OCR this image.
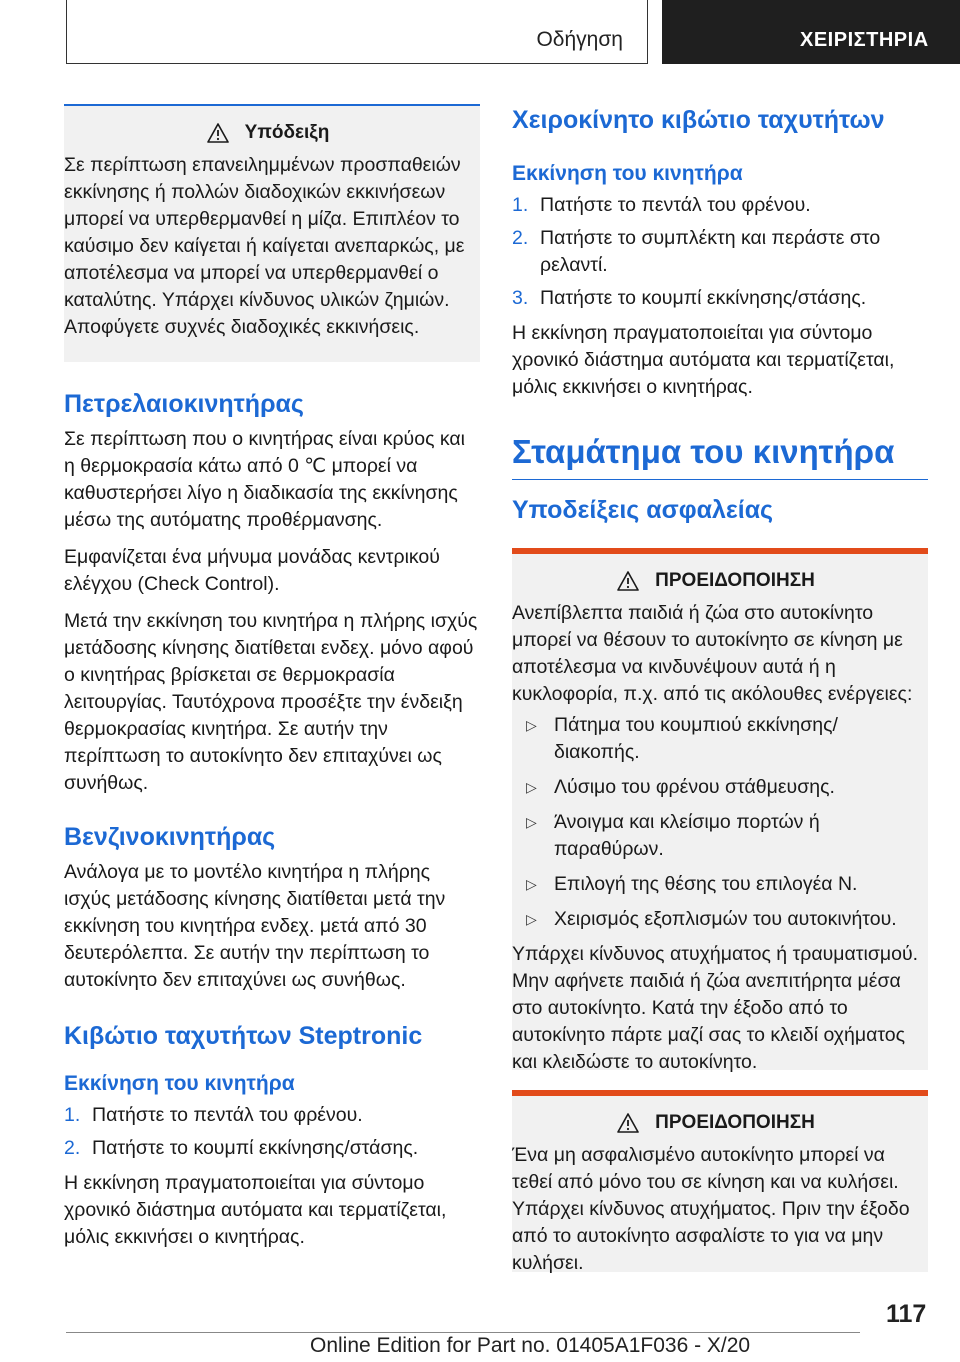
Οδήγηση	ΧΕΙΡΙΣΤΗΡΙΑ
Υπόδειξη

Σε περίπτωση επανειλημμένων προσπαθειών εκκίνησης ή πολλών διαδοχικών εκκινήσεων μπορεί να υπερθερμανθεί η μίζα. Επιπλέον το καύσιμο δεν καίγεται ή καίγεται ανεπαρκώς, με αποτέλεσμα να μπορεί να υπερθερμανθεί ο καταλύτης. Υπάρχει κίνδυνος υλικών ζημιών. Αποφύγετε συχνές διαδοχικές εκκινήσεις.

Πετρελαιοκινητήρας

Σε περίπτωση που ο κινητήρας είναι κρύος και η θερμοκρασία κάτω από 0 ℃ μπορεί να καθυστερήσει λίγο η διαδικασία της εκκίνησης μέσω της αυτόματης προθέρμανσης.

Εμφανίζεται ένα μήνυμα μονάδας κεντρικού ελέγχου (Check Control).

Μετά την εκκίνηση του κινητήρα η πλήρης ισχύς μετάδοσης κίνησης διατίθεται ενδεχ. μόνο αφού ο κινητήρας βρίσκεται σε θερμοκρασία λειτουργίας. Ταυτόχρονα προσέξτε την ένδειξη θερμοκρασίας κινητήρα. Σε αυτήν την περίπτωση το αυτοκίνητο δεν επιταχύνει ως συνήθως.

Βενζινοκινητήρας

Ανάλογα με το μοντέλο κινητήρα η πλήρης ισχύς μετάδοσης κίνησης διατίθεται μετά την εκκίνηση του κινητήρα ενδεχ. μετά από 30 δευτερόλεπτα. Σε αυτήν την περίπτωση το αυτοκίνητο δεν επιταχύνει ως συνήθως.

Κιβώτιο ταχυτήτων Steptronic
Εκκίνηση του κινητήρα
1. Πατήστε το πεντάλ του φρένου.
2. Πατήστε το κουμπί εκκίνησης/στάσης.

Η εκκίνηση πραγματοποιείται για σύντομο χρονικό διάστημα αυτόματα και τερματίζεται, μόλις εκκινήσει ο κινητήρας.

Χειροκίνητο κιβώτιο ταχυτήτων
Εκκίνηση του κινητήρα
1. Πατήστε το πεντάλ του φρένου.
2. Πατήστε το συμπλέκτη και περάστε στο ρελαντί.
3. Πατήστε το κουμπί εκκίνησης/στάσης.

Η εκκίνηση πραγματοποιείται για σύντομο χρονικό διάστημα αυτόματα και τερματίζεται, μόλις εκκινήσει ο κινητήρας.

Σταμάτημα του κινητήρα
Υποδείξεις ασφαλείας
ΠΡΟΕΙΔΟΠΟΙΗΣΗ

Ανεπίβλεπτα παιδιά ή ζώα στο αυτοκίνητο μπορεί να θέσουν το αυτοκίνητο σε κίνηση με αποτέλεσμα να κινδυνέψουν αυτά ή η κυκλοφορία, π.χ. από τις ακόλουθες ενέργειες:

▷ Πάτημα του κουμπιού εκκίνησης/διακοπής.
▷ Λύσιμο του φρένου στάθμευσης.
▷ Άνοιγμα και κλείσιμο πορτών ή παραθύρων.
▷ Επιλογή της θέσης του επιλογέα N.
▷ Χειρισμός εξοπλισμών του αυτοκινήτου.

Υπάρχει κίνδυνος ατυχήματος ή τραυματισμού. Μην αφήνετε παιδιά ή ζώα ανεπιτήρητα μέσα στο αυτοκίνητο. Κατά την έξοδο από το αυτοκίνητο πάρτε μαζί σας το κλειδί οχήματος και κλειδώστε το αυτοκίνητο.

ΠΡΟΕΙΔΟΠΟΙΗΣΗ

Ένα μη ασφαλισμένο αυτοκίνητο μπορεί να τεθεί από μόνο του σε κίνηση και να κυλήσει. Υπάρχει κίνδυνος ατυχήματος. Πριν την έξοδο από το αυτοκίνητο ασφαλίστε το για να μην κυλήσει.

117
Online Edition for Part no. 01405A1F036 - X/20
